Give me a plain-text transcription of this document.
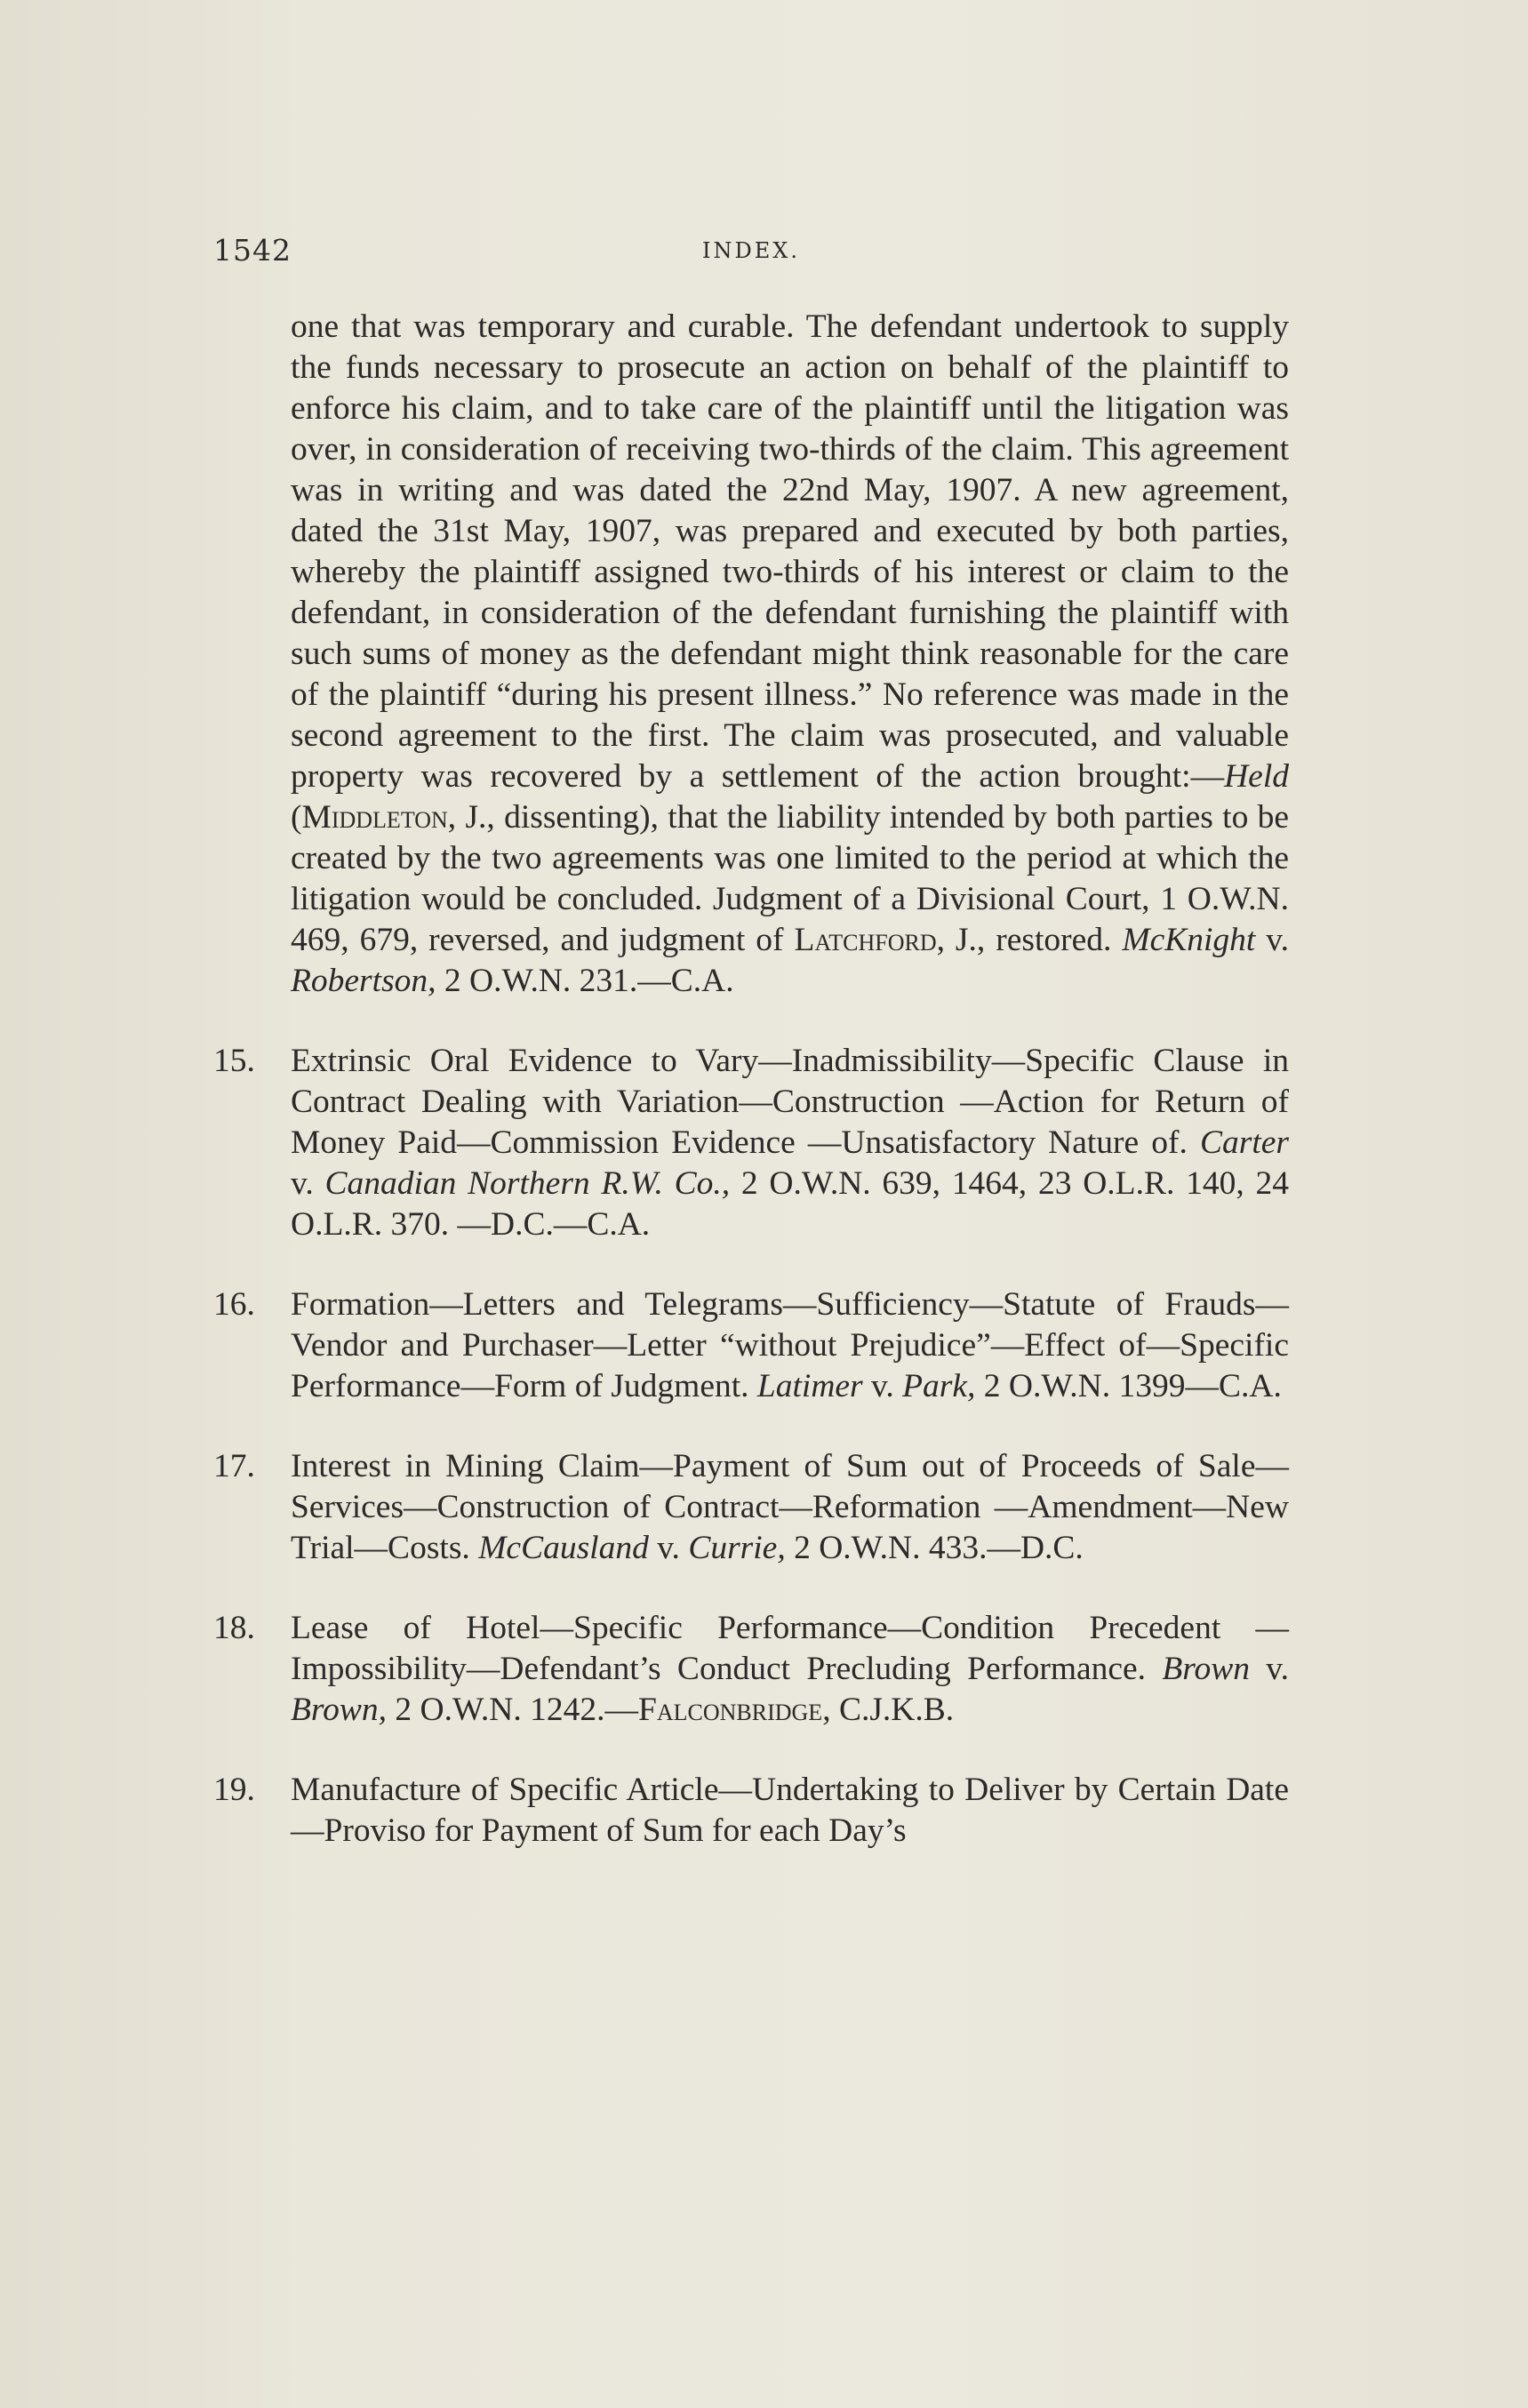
1542	INDEX.

one that was temporary and curable. The defendant undertook to supply the funds necessary to prosecute an action on behalf of the plaintiff to enforce his claim, and to take care of the plaintiff until the litigation was over, in consideration of receiving two-thirds of the claim. This agreement was in writing and was dated the 22nd May, 1907. A new agreement, dated the 31st May, 1907, was prepared and executed by both parties, whereby the plaintiff assigned two-thirds of his interest or claim to the defendant, in consideration of the defendant furnishing the plaintiff with such sums of money as the defendant might think reasonable for the care of the plaintiff “during his present illness.” No reference was made in the second agreement to the first. The claim was prosecuted, and valuable property was recovered by a settlement of the action brought:—Held (Middleton, J., dissenting), that the liability intended by both parties to be created by the two agreements was one limited to the period at which the litigation would be concluded. Judgment of a Divisional Court, 1 O.W.N. 469, 679, reversed, and judgment of Latchford, J., restored. McKnight v. Robertson, 2 O.W.N. 231.—C.A.

15. Extrinsic Oral Evidence to Vary—Inadmissibility—Specific Clause in Contract Dealing with Variation—Construction —Action for Return of Money Paid—Commission Evidence —Unsatisfactory Nature of. Carter v. Canadian Northern R.W. Co., 2 O.W.N. 639, 1464, 23 O.L.R. 140, 24 O.L.R. 370. —D.C.—C.A.

16. Formation—Letters and Telegrams—Sufficiency—Statute of Frauds—Vendor and Purchaser—Letter “without Prejudice”—Effect of—Specific Performance—Form of Judgment. Latimer v. Park, 2 O.W.N. 1399—C.A.

17. Interest in Mining Claim—Payment of Sum out of Proceeds of Sale—Services—Construction of Contract—Reformation —Amendment—New Trial—Costs. McCausland v. Currie, 2 O.W.N. 433.—D.C.

18. Lease of Hotel—Specific Performance—Condition Precedent —Impossibility—Defendant’s Conduct Precluding Performance. Brown v. Brown, 2 O.W.N. 1242.—Falconbridge, C.J.K.B.

19. Manufacture of Specific Article—Undertaking to Deliver by Certain Date—Proviso for Payment of Sum for each Day’s
